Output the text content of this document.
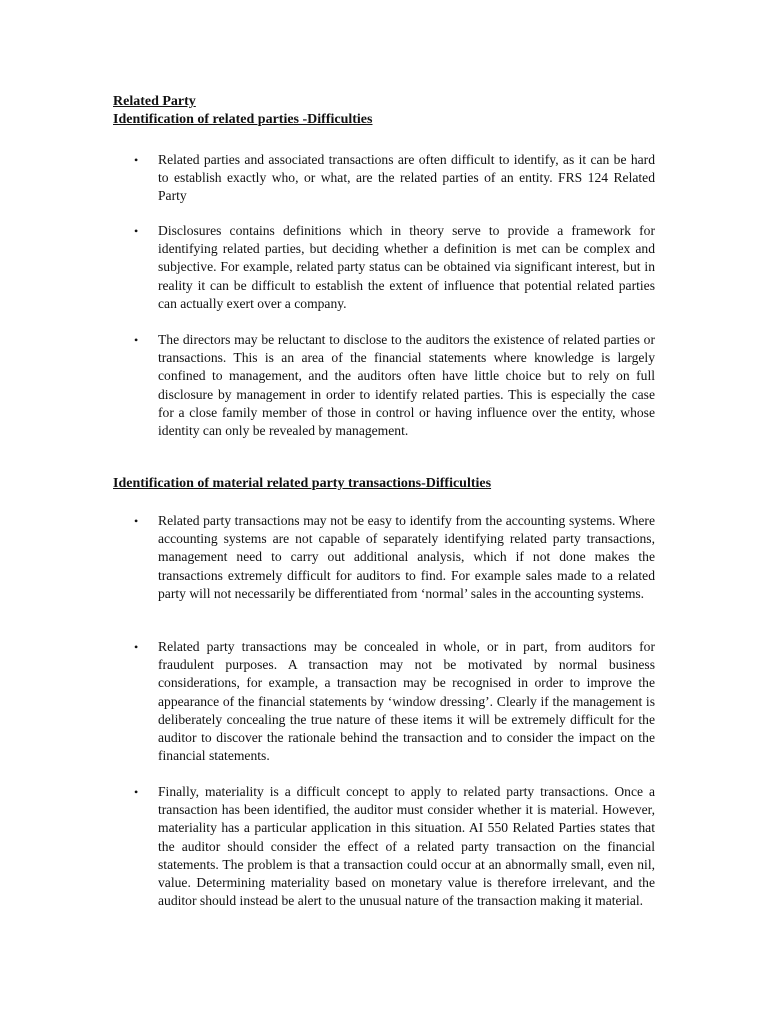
Related Party
Identification of related parties -Difficulties
• Related parties and associated transactions are often difficult to identify, as it can be hard to establish exactly who, or what, are the related parties of an entity. FRS 124 Related Party

• Disclosures contains definitions which in theory serve to provide a framework for identifying related parties, but deciding whether a definition is met can be complex and subjective. For example, related party status can be obtained via significant interest, but in reality it can be difficult to establish the extent of influence that potential related parties can actually exert over a company.

• The directors may be reluctant to disclose to the auditors the existence of related parties or transactions. This is an area of the financial statements where knowledge is largely confined to management, and the auditors often have little choice but to rely on full disclosure by management in order to identify related parties. This is especially the case for a close family member of those in control or having influence over the entity, whose identity can only be revealed by management.

Identification of material related party transactions-Difficulties
• Related party transactions may not be easy to identify from the accounting systems. Where accounting systems are not capable of separately identifying related party transactions, management need to carry out additional analysis, which if not done makes the transactions extremely difficult for auditors to find. For example sales made to a related party will not necessarily be differentiated from ‘normal’ sales in the accounting systems.

• Related party transactions may be concealed in whole, or in part, from auditors for fraudulent purposes. A transaction may not be motivated by normal business considerations, for example, a transaction may be recognised in order to improve the appearance of the financial statements by ‘window dressing’. Clearly if the management is deliberately concealing the true nature of these items it will be extremely difficult for the auditor to discover the rationale behind the transaction and to consider the impact on the financial statements.

• Finally, materiality is a difficult concept to apply to related party transactions. Once a transaction has been identified, the auditor must consider whether it is material. However, materiality has a particular application in this situation. AI 550 Related Parties states that the auditor should consider the effect of a related party transaction on the financial statements. The problem is that a transaction could occur at an abnormally small, even nil, value. Determining materiality based on monetary value is therefore irrelevant, and the auditor should instead be alert to the unusual nature of the transaction making it material.
